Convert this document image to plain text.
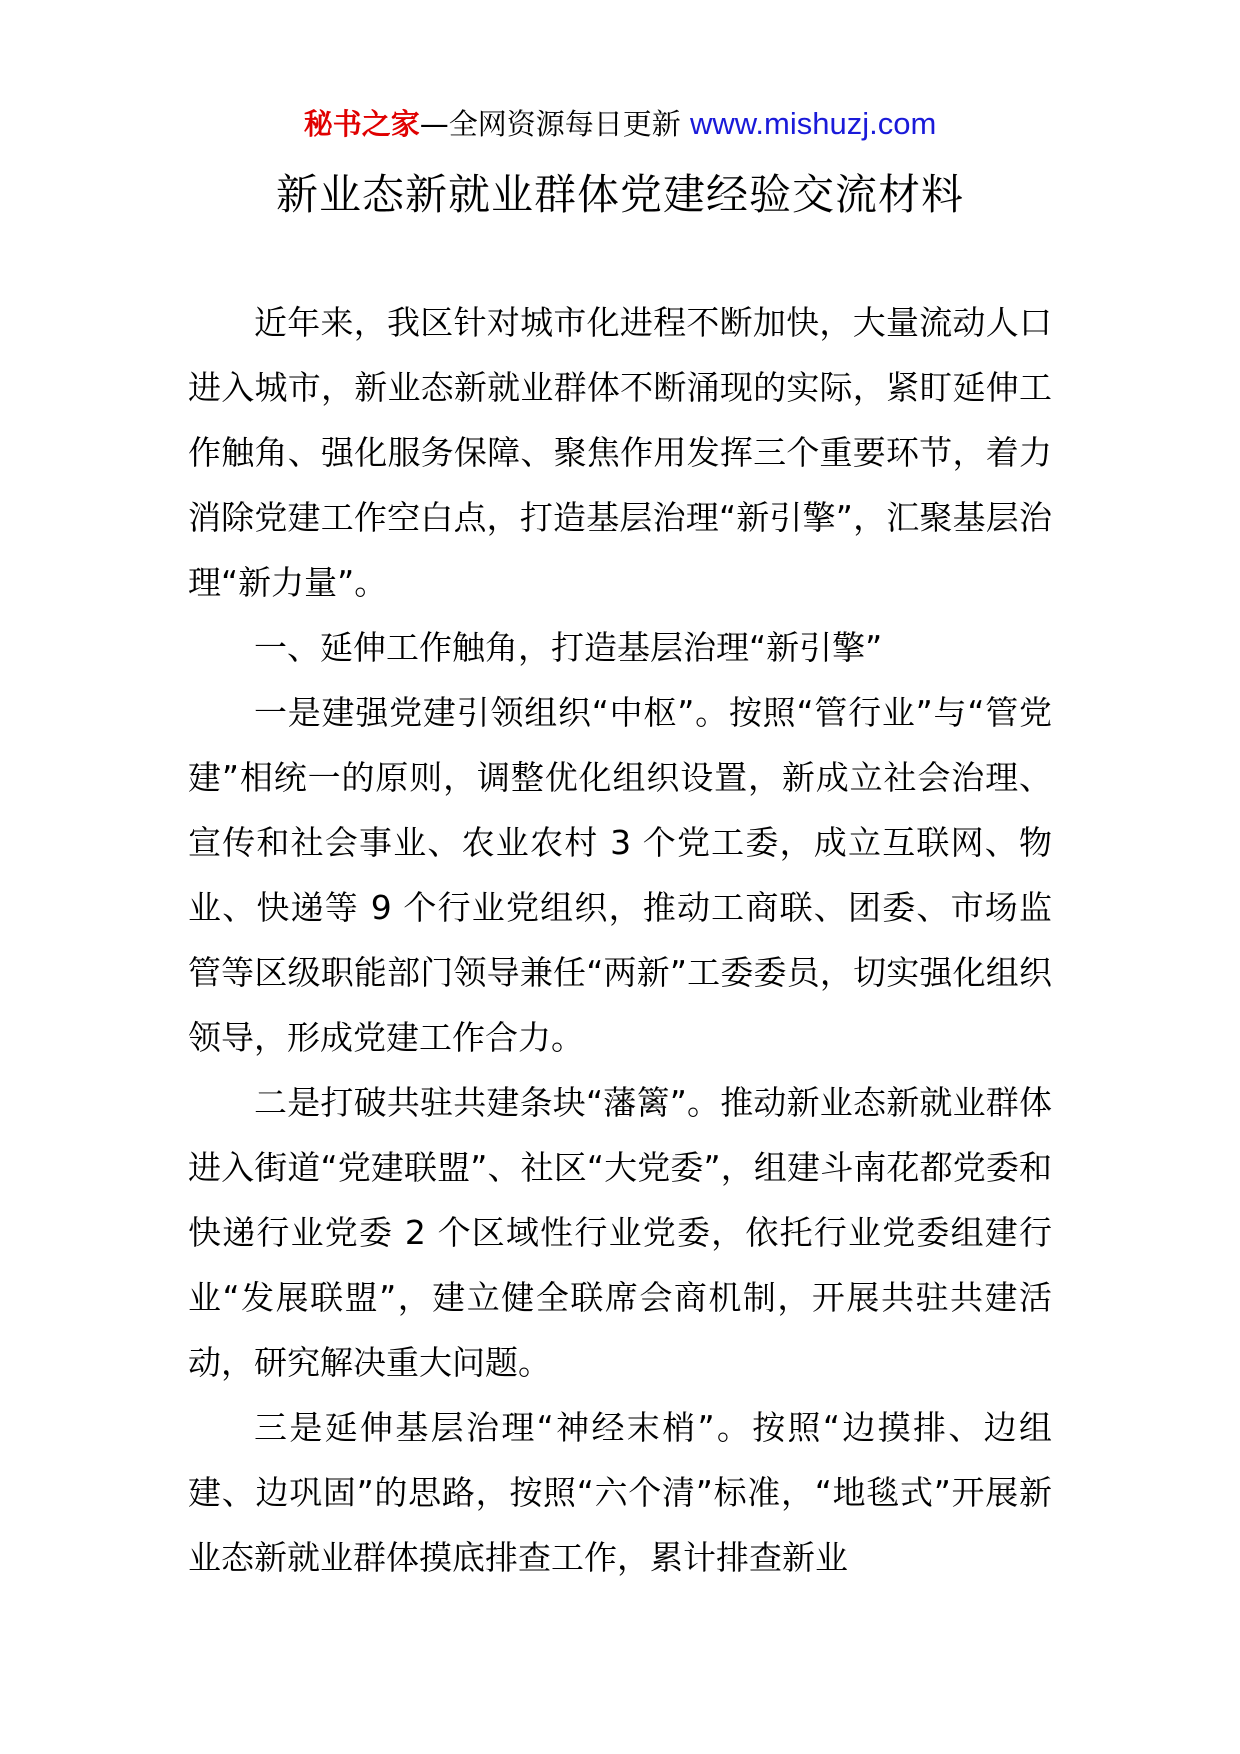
秘书之家—全网资源每日更新 www.mishuzj.com
新业态新就业群体党建经验交流材料

近年来，我区针对城市化进程不断加快，大量流动人口进入城市，新业态新就业群体不断涌现的实际，紧盯延伸工作触角、强化服务保障、聚焦作用发挥三个重要环节，着力消除党建工作空白点，打造基层治理“新引擎”，汇聚基层治理“新力量”。

一、延伸工作触角，打造基层治理“新引擎”

一是建强党建引领组织“中枢”。按照“管行业”与“管党建”相统一的原则，调整优化组织设置，新成立社会治理、宣传和社会事业、农业农村 3 个党工委，成立互联网、物业、快递等 9 个行业党组织，推动工商联、团委、市场监管等区级职能部门领导兼任“两新”工委委员，切实强化组织领导，形成党建工作合力。

二是打破共驻共建条块“藩篱”。推动新业态新就业群体进入街道“党建联盟”、社区“大党委”，组建斗南花都党委和快递行业党委 2 个区域性行业党委，依托行业党委组建行业“发展联盟”，建立健全联席会商机制，开展共驻共建活动，研究解决重大问题。

三是延伸基层治理“神经末梢”。按照“边摸排、边组建、边巩固”的思路，按照“六个清”标准，“地毯式”开展新业态新就业群体摸底排查工作，累计排查新业
